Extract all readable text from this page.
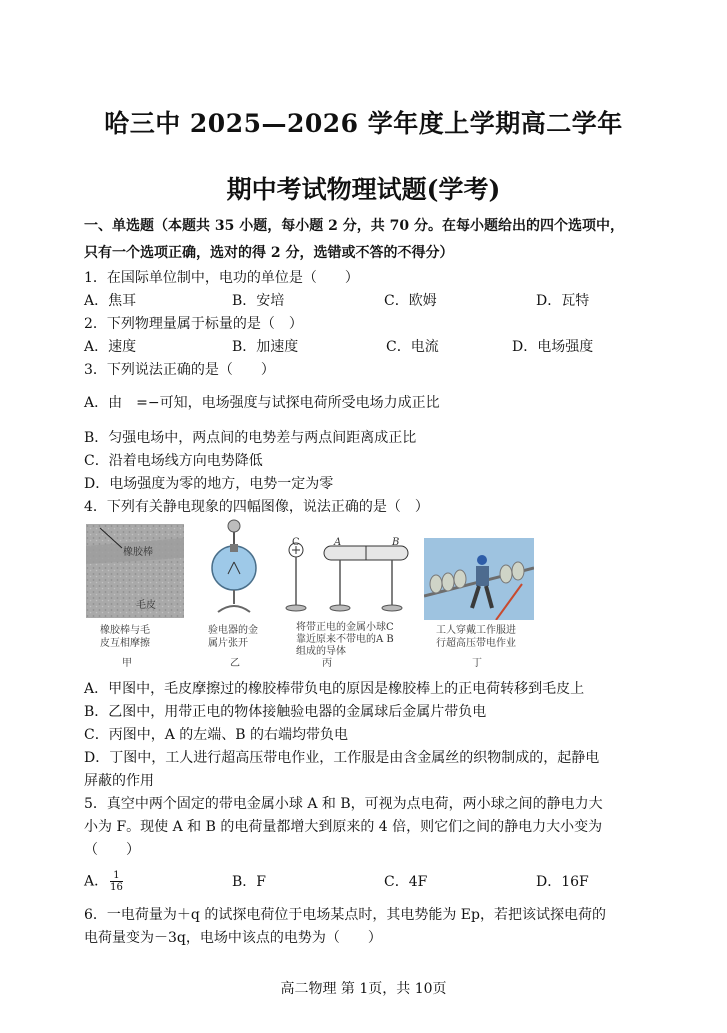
哈三中 2025—2026 学年度上学期高二学年
期中考试物理试题(学考)
一、单选题（本题共 35 小题，每小题 2 分，共 70 分。在每小题给出的四个选项中，
只有一个选项正确，选对的得 2 分，选错或不答的不得分）
1．在国际单位制中，电功的单位是（　　）
A．焦耳	B．安培	C．欧姆	D．瓦特
2．下列物理量属于标量的是（　）
A．速度	B．加速度	C．电流	D．电场强度
3．下列说法正确的是（　　）
A．由　=−可知，电场强度与试探电荷所受电场力成正比
B．匀强电场中，两点间的电势差与两点间距离成正比
C．沿着电场线方向电势降低
D．电场强度为零的地方，电势一定为零
4．下列有关静电现象的四幅图像，说法正确的是（　）
橡胶棒
毛皮
橡胶棒与毛
皮互相摩擦
甲
验电器的金
属片张开
乙
C	A	B
将带正电的金属小球C
靠近原来不带电的A B
组成的导体
丙
工人穿戴工作服进
行超高压带电作业
丁
A．甲图中，毛皮摩擦过的橡胶棒带负电的原因是橡胶棒上的正电荷转移到毛皮上
B．乙图中，用带正电的物体接触验电器的金属球后金属片带负电
C．丙图中，A 的左端、B 的右端均带负电
D．丁图中，工人进行超高压带电作业，工作服是由含金属丝的织物制成的，起静电
屏蔽的作用
5．真空中两个固定的带电金属小球 A 和 B，可视为点电荷，两小球之间的静电力大
小为 F。现使 A 和 B 的电荷量都增大到原来的 4 倍，则它们之间的静电力大小变为
（　　）
A． $\frac{1}{16}$	B．F	C．4F	D．16F
6．一电荷量为＋q 的试探电荷位于电场某点时，其电势能为 Ep，若把该试探电荷的
电荷量变为－3q，电场中该点的电势为（　　）
高二物理 第 1页，共 10页
